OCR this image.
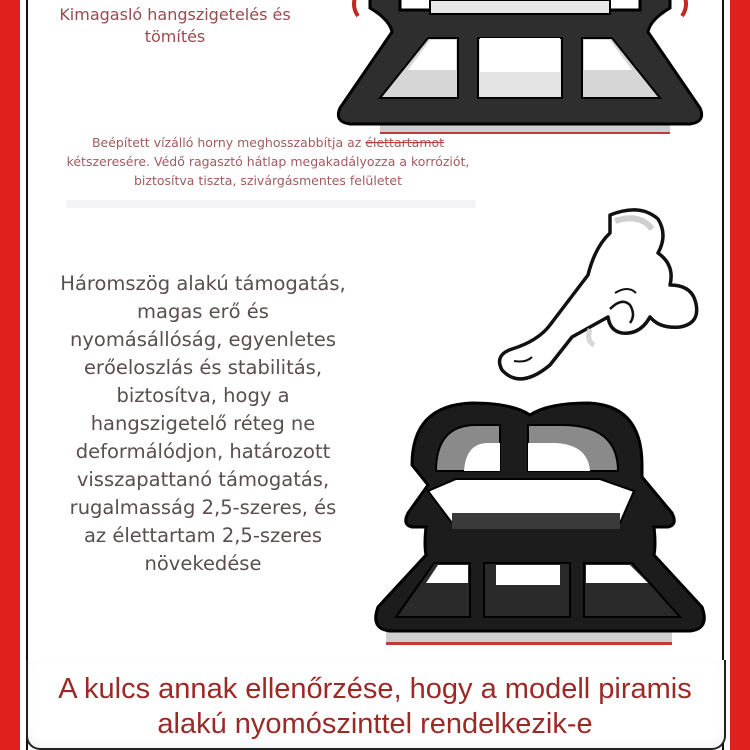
Kimagasló hangszigetelés és tömítés
Beépített vízálló horny meghosszabbítja az élettartamot kétszeresére. Védő ragasztó hátlap megakadályozza a korróziót, biztosítva tiszta, szivárgásmentes felületet
Háromszög alakú támogatás, magas erő és nyomásállóság, egyenletes erőeloszlás és stabilitás, biztosítva, hogy a hangszigetelő réteg ne deformálódjon, határozott visszapattanó támogatás, rugalmasság 2,5-szeres, és az élettartam 2,5-szeres növekedése
A kulcs annak ellenőrzése, hogy a modell piramis alakú nyomószinttel rendelkezik-e
